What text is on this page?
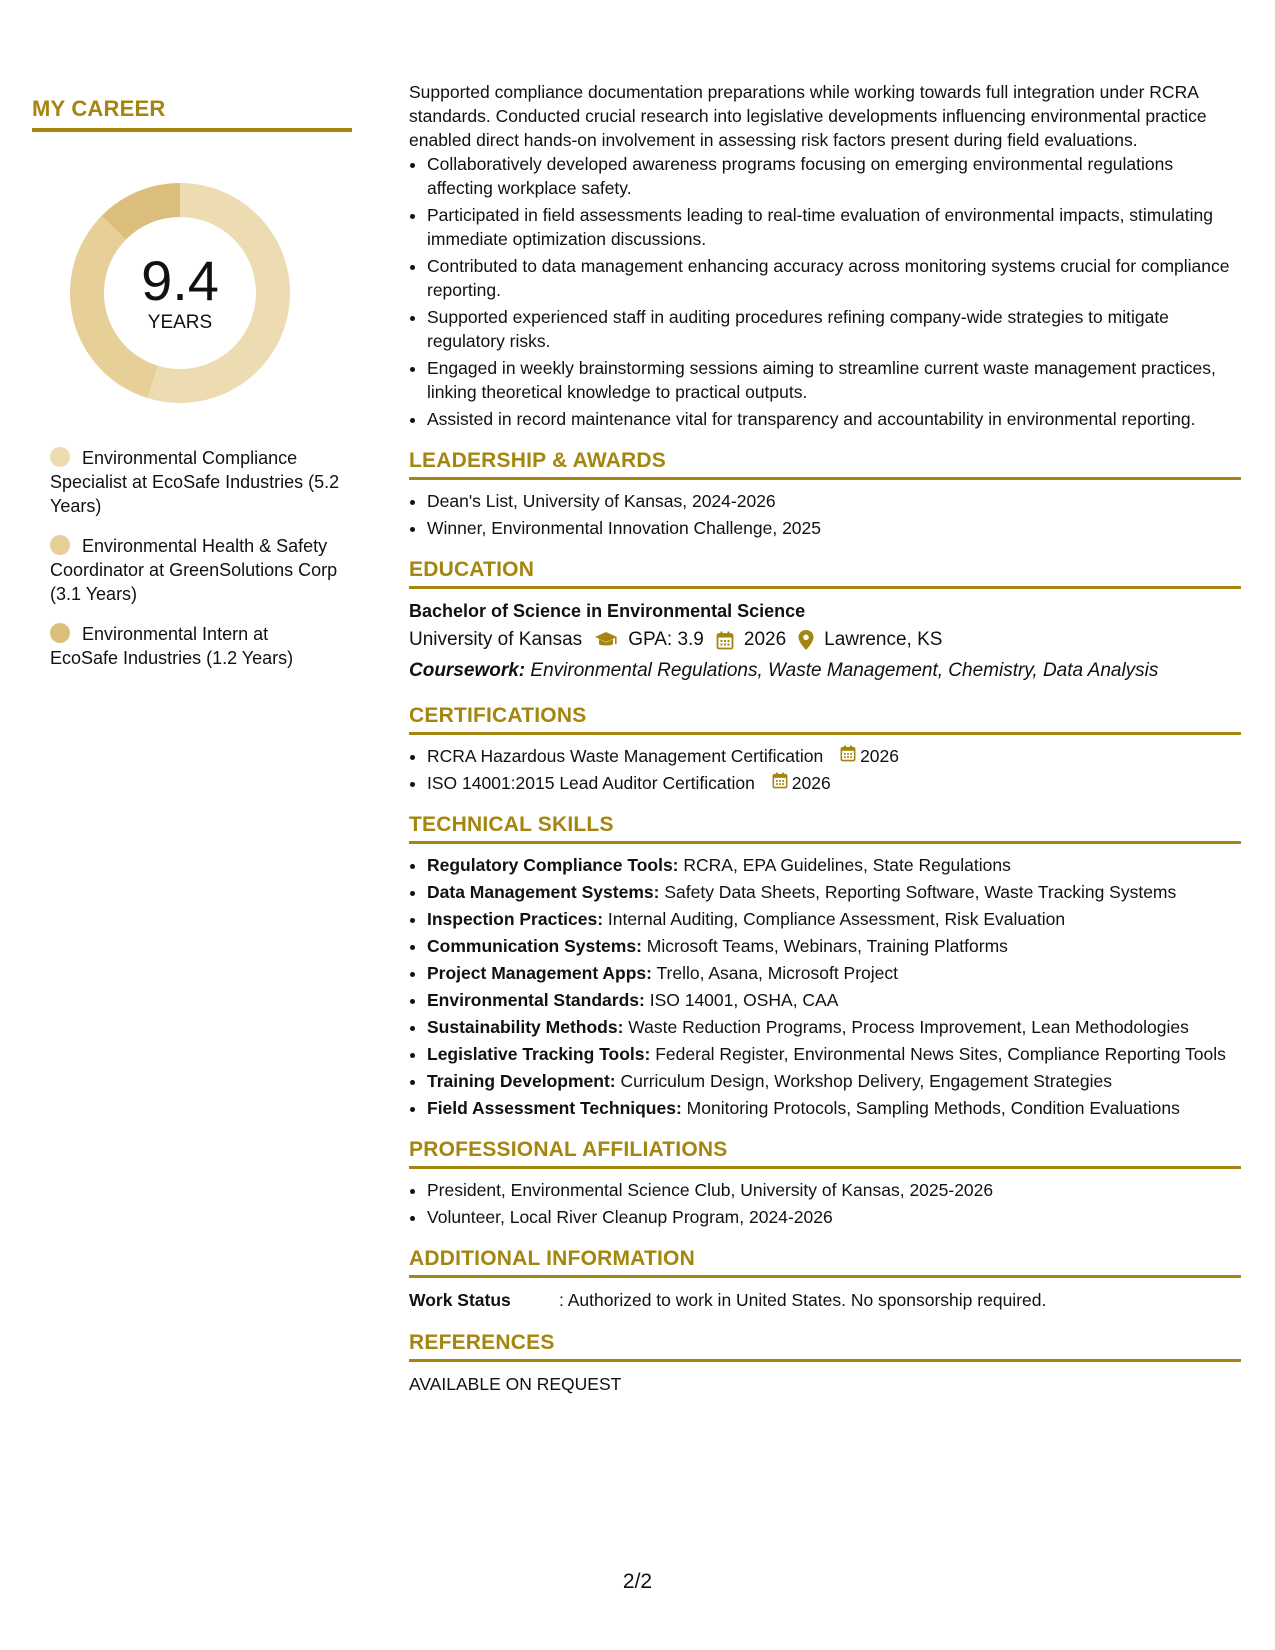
MY CAREER
9.4
YEARS
Environmental Compliance Specialist at EcoSafe Industries (5.2 Years)
Environmental Health & Safety Coordinator at GreenSolutions Corp (3.1 Years)
Environmental Intern at EcoSafe Industries (1.2 Years)

Supported compliance documentation preparations while working towards full integration under RCRA standards. Conducted crucial research into legislative developments influencing environmental practice enabled direct hands-on involvement in assessing risk factors present during field evaluations.

• Collaboratively developed awareness programs focusing on emerging environmental regulations affecting workplace safety.
• Participated in field assessments leading to real-time evaluation of environmental impacts, stimulating immediate optimization discussions.
• Contributed to data management enhancing accuracy across monitoring systems crucial for compliance reporting.
• Supported experienced staff in auditing procedures refining company-wide strategies to mitigate regulatory risks.
• Engaged in weekly brainstorming sessions aiming to streamline current waste management practices, linking theoretical knowledge to practical outputs.
• Assisted in record maintenance vital for transparency and accountability in environmental reporting.
LEADERSHIP & AWARDS
• Dean's List, University of Kansas, 2024-2026
• Winner, Environmental Innovation Challenge, 2025
EDUCATION
Bachelor of Science in Environmental Science
University of Kansas GPA: 3.9 2026 Lawrence, KS
Coursework: Environmental Regulations, Waste Management, Chemistry, Data Analysis
CERTIFICATIONS
• RCRA Hazardous Waste Management Certification 2026
• ISO 14001:2015 Lead Auditor Certification 2026
TECHNICAL SKILLS
• Regulatory Compliance Tools: RCRA, EPA Guidelines, State Regulations
• Data Management Systems: Safety Data Sheets, Reporting Software, Waste Tracking Systems
• Inspection Practices: Internal Auditing, Compliance Assessment, Risk Evaluation
• Communication Systems: Microsoft Teams, Webinars, Training Platforms
• Project Management Apps: Trello, Asana, Microsoft Project
• Environmental Standards: ISO 14001, OSHA, CAA
• Sustainability Methods: Waste Reduction Programs, Process Improvement, Lean Methodologies
• Legislative Tracking Tools: Federal Register, Environmental News Sites, Compliance Reporting Tools
• Training Development: Curriculum Design, Workshop Delivery, Engagement Strategies
• Field Assessment Techniques: Monitoring Protocols, Sampling Methods, Condition Evaluations
PROFESSIONAL AFFILIATIONS
• President, Environmental Science Club, University of Kansas, 2025-2026
• Volunteer, Local River Cleanup Program, 2024-2026
ADDITIONAL INFORMATION
Work Status	: Authorized to work in United States. No sponsorship required.
REFERENCES
AVAILABLE ON REQUEST
2/2
